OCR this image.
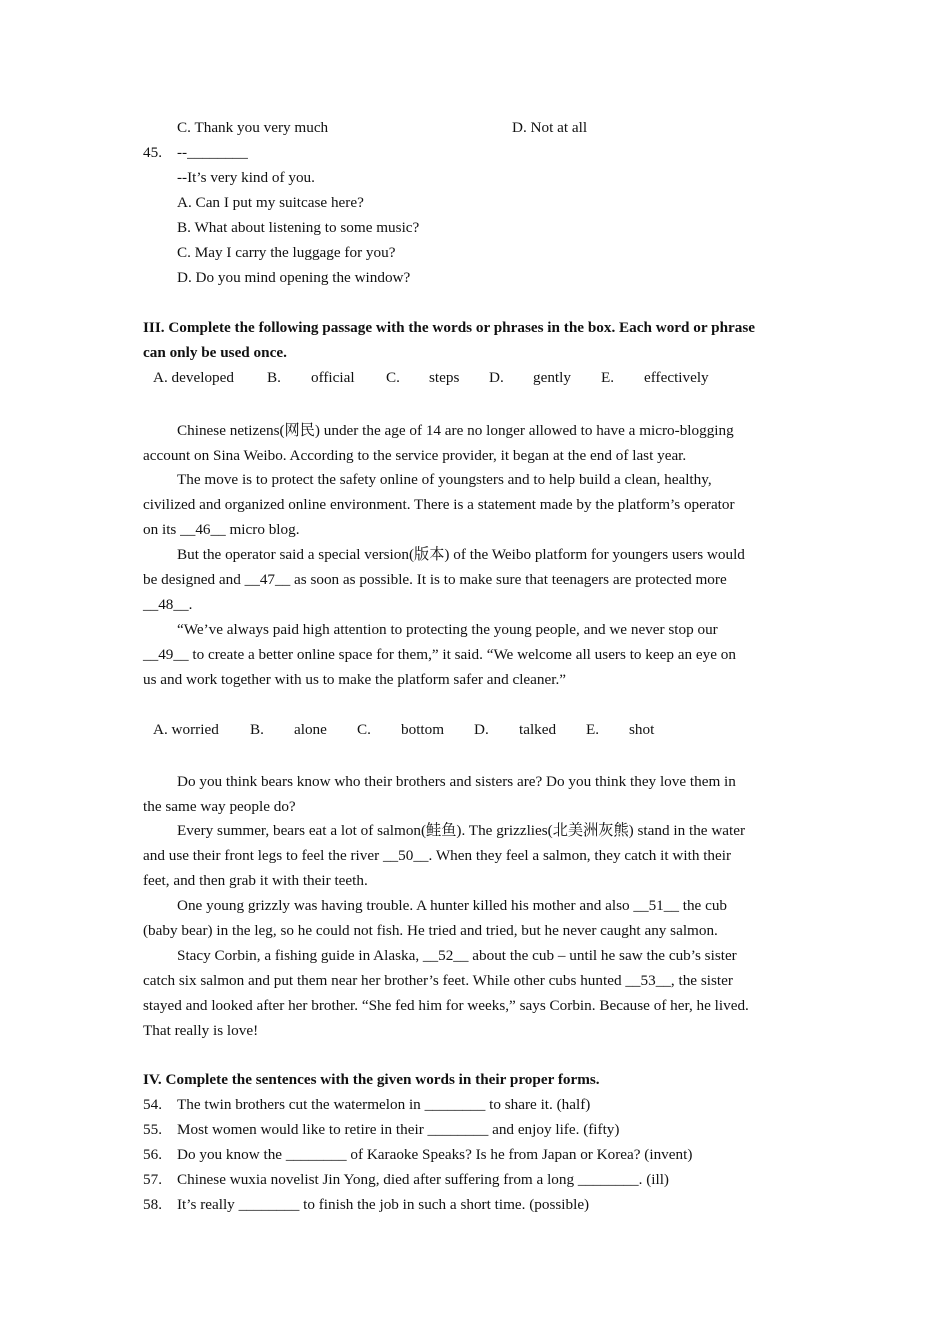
C. Thank you very much	D. Not at all
45. --________
--It’s very kind of you.
A. Can I put my suitcase here?
B. What about listening to some music?
C. May I carry the luggage for you?
D. Do you mind opening the window?
III. Complete the following passage with the words or phrases in the box. Each word or phrase
can only be used once.
A. developed B. official C. steps D. gently E. effectively
Chinese netizens(网民) under the age of 14 are no longer allowed to have a micro-blogging
account on Sina Weibo. According to the service provider, it began at the end of last year.
The move is to protect the safety online of youngsters and to help build a clean, healthy,
civilized and organized online environment. There is a statement made by the platform’s operator
on its __46__ micro blog.
But the operator said a special version(版本) of the Weibo platform for youngers users would
be designed and __47__ as soon as possible. It is to make sure that teenagers are protected more
__48__.
“We’ve always paid high attention to protecting the young people, and we never stop our
__49__ to create a better online space for them,” it said. “We welcome all users to keep an eye on
us and work together with us to make the platform safer and cleaner.”
A. worried B. alone C. bottom D. talked E. shot
Do you think bears know who their brothers and sisters are? Do you think they love them in
the same way people do?
Every summer, bears eat a lot of salmon(鲑鱼). The grizzlies(北美洲灰熊) stand in the water
and use their front legs to feel the river __50__. When they feel a salmon, they catch it with their
feet, and then grab it with their teeth.
One young grizzly was having trouble. A hunter killed his mother and also __51__ the cub
(baby bear) in the leg, so he could not fish. He tried and tried, but he never caught any salmon.
Stacy Corbin, a fishing guide in Alaska, __52__ about the cub – until he saw the cub’s sister
catch six salmon and put them near her brother’s feet. While other cubs hunted __53__, the sister
stayed and looked after her brother. “She fed him for weeks,” says Corbin. Because of her, he lived.
That really is love!
IV. Complete the sentences with the given words in their proper forms.
54. The twin brothers cut the watermelon in ________ to share it. (half)
55. Most women would like to retire in their ________ and enjoy life. (fifty)
56. Do you know the ________ of Karaoke Speaks? Is he from Japan or Korea? (invent)
57. Chinese wuxia novelist Jin Yong, died after suffering from a long ________. (ill)
58. It’s really ________ to finish the job in such a short time. (possible)
